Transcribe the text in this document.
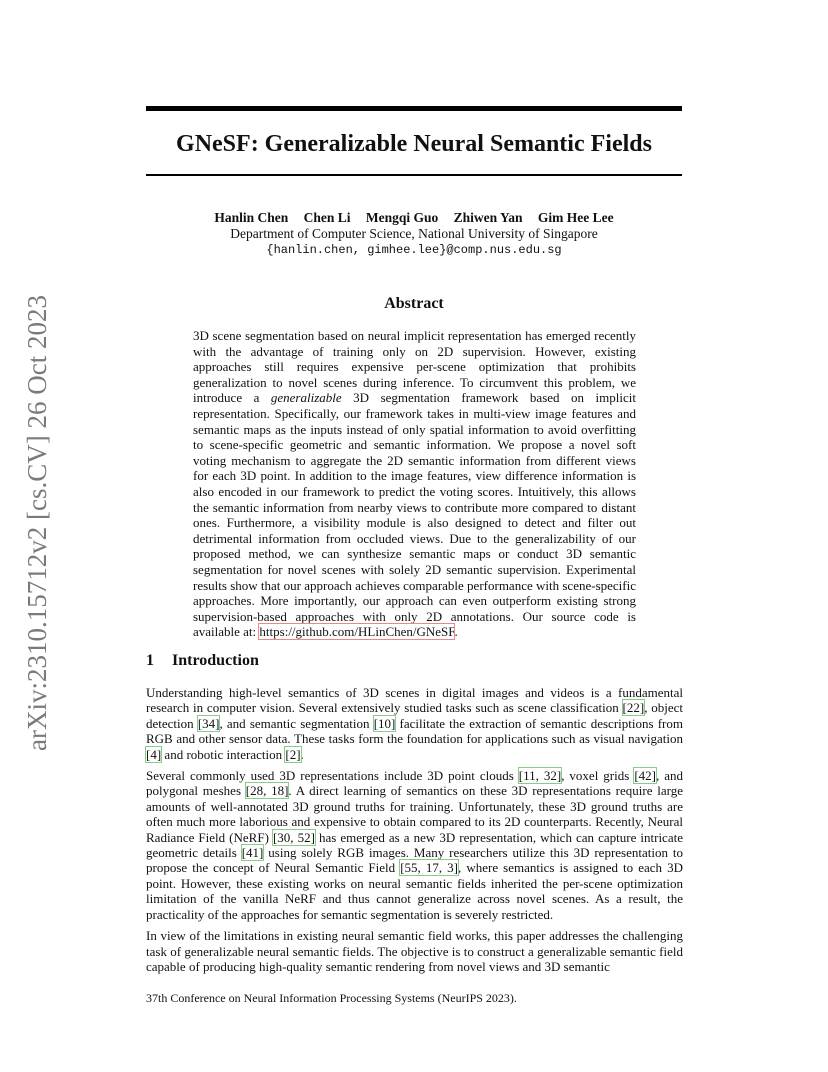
arXiv:2310.15712v2 [cs.CV] 26 Oct 2023
GNeSF: Generalizable Neural Semantic Fields
Hanlin Chen Chen Li Mengqi Guo Zhiwen Yan Gim Hee Lee
Department of Computer Science, National University of Singapore
{hanlin.chen, gimhee.lee}@comp.nus.edu.sg
Abstract
3D scene segmentation based on neural implicit representation has emerged recently with the advantage of training only on 2D supervision. However, existing approaches still requires expensive per-scene optimization that prohibits generalization to novel scenes during inference. To circumvent this problem, we introduce a generalizable 3D segmentation framework based on implicit representation. Specifically, our framework takes in multi-view image features and semantic maps as the inputs instead of only spatial information to avoid overfitting to scene-specific geometric and semantic information. We propose a novel soft voting mechanism to aggregate the 2D semantic information from different views for each 3D point. In addition to the image features, view difference information is also encoded in our framework to predict the voting scores. Intuitively, this allows the semantic information from nearby views to contribute more compared to distant ones. Furthermore, a visibility module is also designed to detect and filter out detrimental information from occluded views. Due to the generalizability of our proposed method, we can synthesize semantic maps or conduct 3D semantic segmentation for novel scenes with solely 2D semantic supervision. Experimental results show that our approach achieves comparable performance with scene-specific approaches. More importantly, our approach can even outperform existing strong supervision-based approaches with only 2D annotations. Our source code is available at: https://github.com/HLinChen/GNeSF.
1 Introduction

Understanding high-level semantics of 3D scenes in digital images and videos is a fundamental research in computer vision. Several extensively studied tasks such as scene classification [22], object detection [34], and semantic segmentation [10] facilitate the extraction of semantic descriptions from RGB and other sensor data. These tasks form the foundation for applications such as visual navigation [4] and robotic interaction [2].

Several commonly used 3D representations include 3D point clouds [11, 32], voxel grids [42], and polygonal meshes [28, 18]. A direct learning of semantics on these 3D representations require large amounts of well-annotated 3D ground truths for training. Unfortunately, these 3D ground truths are often much more laborious and expensive to obtain compared to its 2D counterparts. Recently, Neural Radiance Field (NeRF) [30, 52] has emerged as a new 3D representation, which can capture intricate geometric details [41] using solely RGB images. Many researchers utilize this 3D representation to propose the concept of Neural Semantic Field [55, 17, 3], where semantics is assigned to each 3D point. However, these existing works on neural semantic fields inherited the per-scene optimization limitation of the vanilla NeRF and thus cannot generalize across novel scenes. As a result, the practicality of the approaches for semantic segmentation is severely restricted.

In view of the limitations in existing neural semantic field works, this paper addresses the challenging task of generalizable neural semantic fields. The objective is to construct a generalizable semantic field capable of producing high-quality semantic rendering from novel views and 3D semantic

37th Conference on Neural Information Processing Systems (NeurIPS 2023).
